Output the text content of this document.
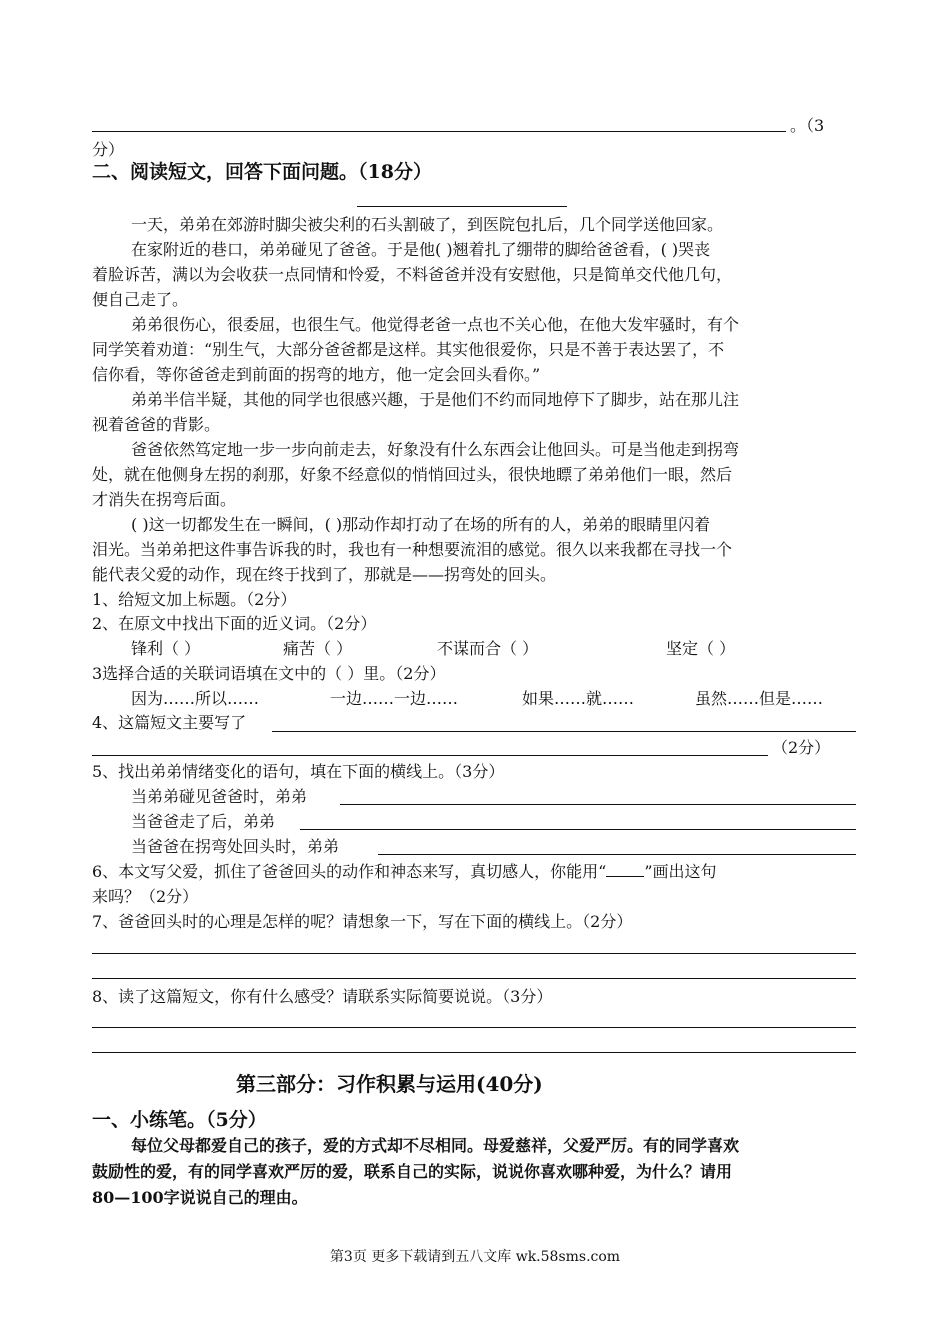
。（3
分）
二、阅读短文，回答下面问题。（18分）
一天，弟弟在郊游时脚尖被尖利的石头割破了，到医院包扎后，几个同学送他回家。
在家附近的巷口，弟弟碰见了爸爸。于是他( )翘着扎了绷带的脚给爸爸看，( )哭丧
着脸诉苦，满以为会收获一点同情和怜爱，不料爸爸并没有安慰他，只是简单交代他几句，
便自己走了。
弟弟很伤心，很委屈，也很生气。他觉得老爸一点也不关心他，在他大发牢骚时，有个
同学笑着劝道：“别生气，大部分爸爸都是这样。其实他很爱你，只是不善于表达罢了，不
信你看，等你爸爸走到前面的拐弯的地方，他一定会回头看你。”
弟弟半信半疑，其他的同学也很感兴趣，于是他们不约而同地停下了脚步，站在那儿注
视着爸爸的背影。
爸爸依然笃定地一步一步向前走去，好象没有什么东西会让他回头。可是当他走到拐弯
处，就在他侧身左拐的刹那，好象不经意似的悄悄回过头，很快地瞟了弟弟他们一眼，然后
才消失在拐弯后面。
( )这一切都发生在一瞬间，( )那动作却打动了在场的所有的人，弟弟的眼睛里闪着
泪光。当弟弟把这件事告诉我的时，我也有一种想要流泪的感觉。很久以来我都在寻找一个
能代表父爱的动作，现在终于找到了，那就是——拐弯处的回头。
1、给短文加上标题。（2分）
2、在原文中找出下面的近义词。（2分）
锋利（ ）	痛苦（ ）	不谋而合（ ）	坚定（ ）
3选择合适的关联词语填在文中的（ ）里。（2分）
因为……所以……	一边……一边……	如果……就……	虽然……但是……
4、这篇短文主要写了
（2分）
5、找出弟弟情绪变化的语句，填在下面的横线上。（3分）
当弟弟碰见爸爸时，弟弟
当爸爸走了后，弟弟
当爸爸在拐弯处回头时，弟弟
6、本文写父爱，抓住了爸爸回头的动作和神态来写，真切感人，你能用“ ”画出这句
来吗？（2分）
7、爸爸回头时的心理是怎样的呢？请想象一下，写在下面的横线上。（2分）
8、读了这篇短文，你有什么感受？请联系实际简要说说。（3分）
第三部分：习作积累与运用(40分)
一、小练笔。（5分）
每位父母都爱自己的孩子，爱的方式却不尽相同。母爱慈祥，父爱严厉。有的同学喜欢
鼓励性的爱，有的同学喜欢严厉的爱，联系自己的实际，说说你喜欢哪种爱，为什么？请用
80—100字说说自己的理由。
第3页 更多下载请到五八文库 wk.58sms.com
